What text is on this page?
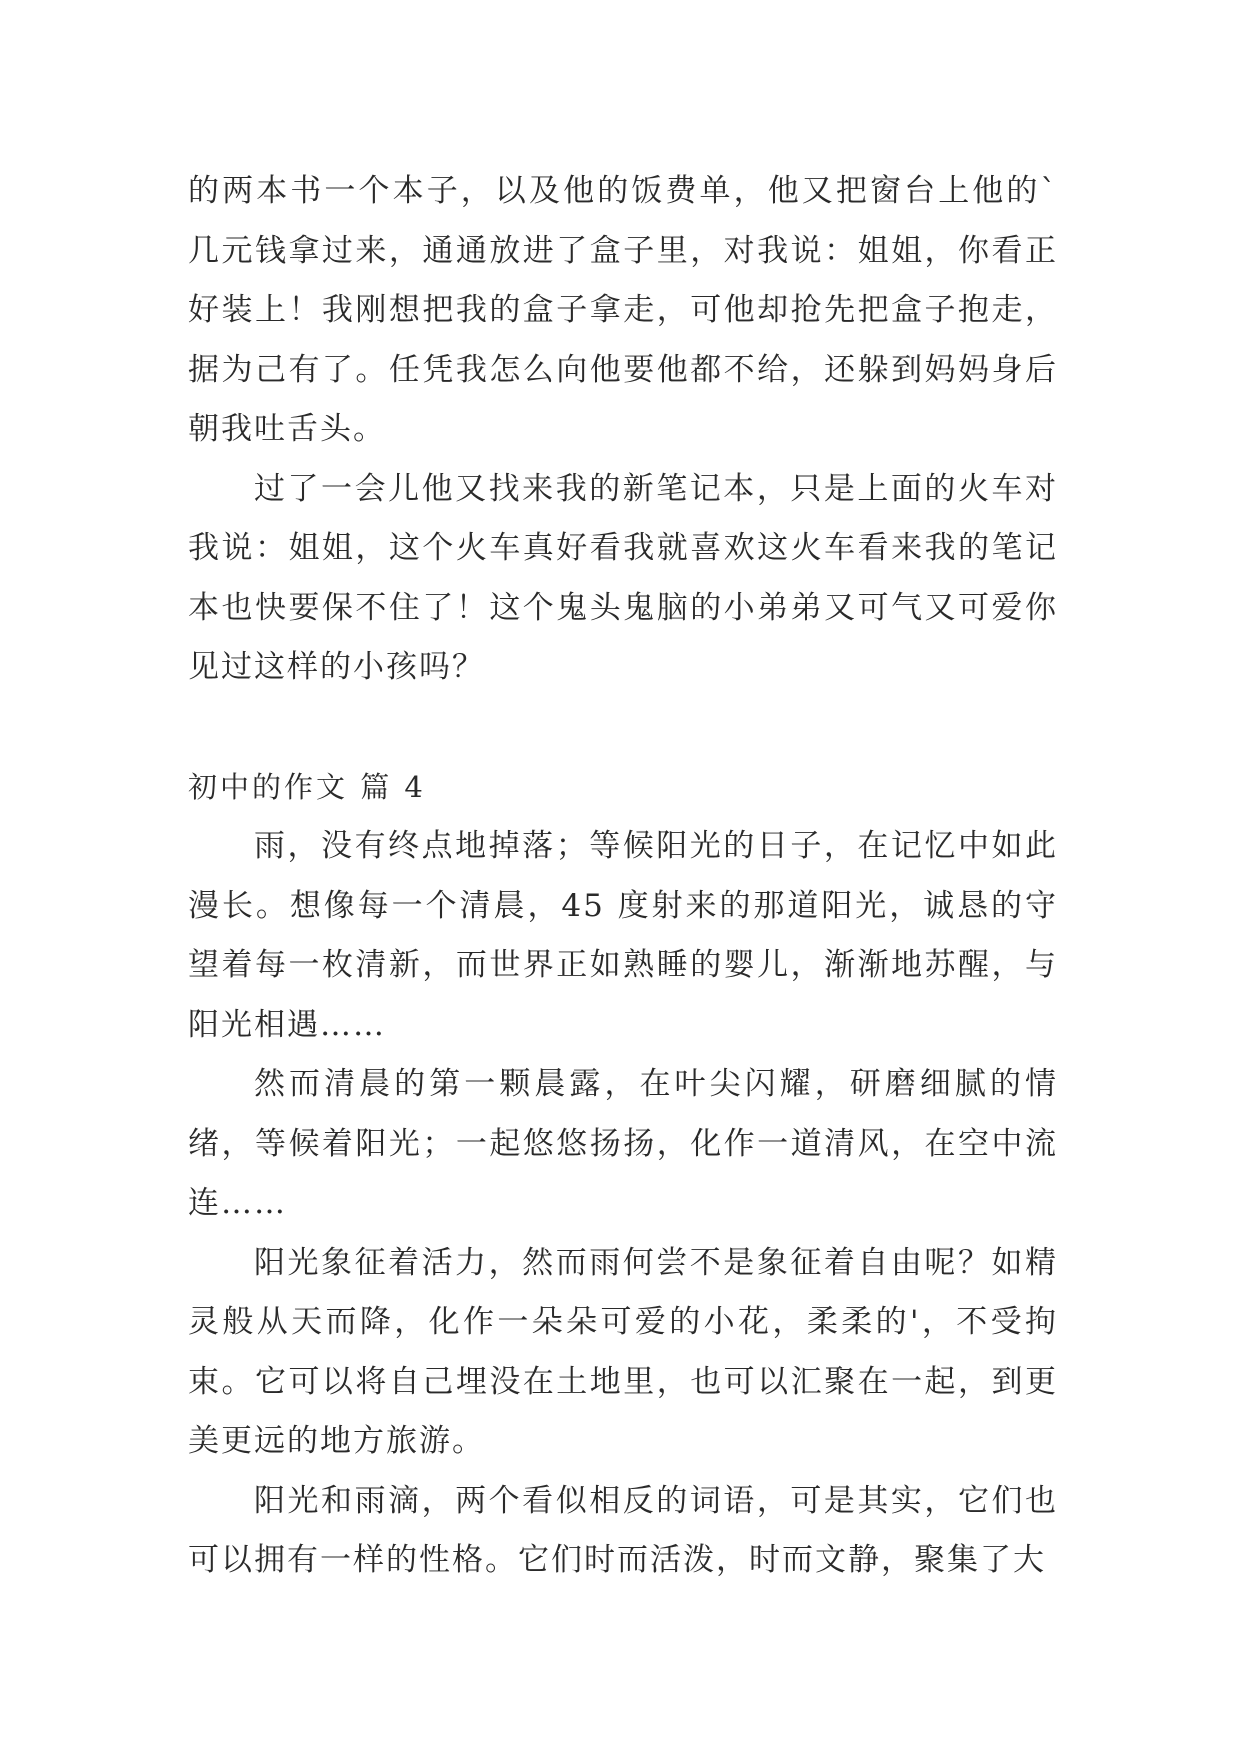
的两本书一个本子，以及他的饭费单，他又把窗台上他的`几元钱拿过来，通通放进了盒子里，对我说：姐姐，你看正好装上！我刚想把我的盒子拿走，可他却抢先把盒子抱走，据为己有了。任凭我怎么向他要他都不给，还躲到妈妈身后朝我吐舌头。

过了一会儿他又找来我的新笔记本，只是上面的火车对我说：姐姐，这个火车真好看我就喜欢这火车看来我的笔记本也快要保不住了！这个鬼头鬼脑的小弟弟又可气又可爱你见过这样的小孩吗？

初中的作文 篇 4

雨，没有终点地掉落；等候阳光的日子，在记忆中如此漫长。想像每一个清晨，45 度射来的那道阳光，诚恳的守望着每一枚清新，而世界正如熟睡的婴儿，渐渐地苏醒，与阳光相遇……

然而清晨的第一颗晨露，在叶尖闪耀，研磨细腻的情绪，等候着阳光；一起悠悠扬扬，化作一道清风，在空中流连……

阳光象征着活力，然而雨何尝不是象征着自由呢？如精灵般从天而降，化作一朵朵可爱的小花，柔柔的'，不受拘束。它可以将自己埋没在土地里，也可以汇聚在一起，到更美更远的地方旅游。

阳光和雨滴，两个看似相反的词语，可是其实，它们也可以拥有一样的性格。它们时而活泼，时而文静，聚集了大
